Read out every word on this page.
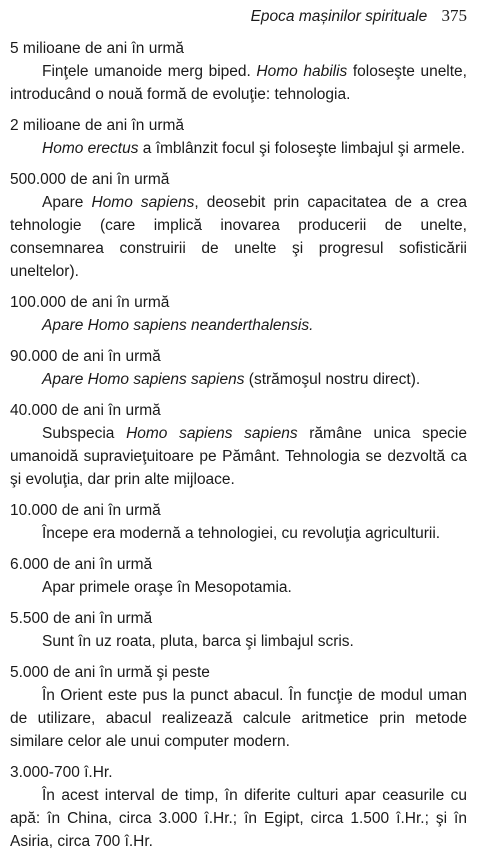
Epoca mașinilor spirituale 375
5 milioane de ani în urmă
Finţele umanoide merg biped. Homo habilis foloseşte unelte, introducând o nouă formă de evoluţie: tehnologia.
2 milioane de ani în urmă
Homo erectus a îmblânzit focul şi foloseşte limbajul şi armele.
500.000 de ani în urmă
Apare Homo sapiens, deosebit prin capacitatea de a crea tehnologie (care implică inovarea producerii de unelte, consemnarea construirii de unelte şi progresul sofisticării uneltelor).
100.000 de ani în urmă
Apare Homo sapiens neanderthalensis.
90.000 de ani în urmă
Apare Homo sapiens sapiens (strămoşul nostru direct).
40.000 de ani în urmă
Subspecia Homo sapiens sapiens rămâne unica specie umanoidă supravieţuitoare pe Pământ. Tehnologia se dezvoltă ca şi evoluţia, dar prin alte mijloace.
10.000 de ani în urmă
Începe era modernă a tehnologiei, cu revoluţia agriculturii.
6.000 de ani în urmă
Apar primele oraşe în Mesopotamia.
5.500 de ani în urmă
Sunt în uz roata, pluta, barca şi limbajul scris.
5.000 de ani în urmă şi peste
În Orient este pus la punct abacul. În funcţie de modul uman de utilizare, abacul realizează calcule aritmetice prin metode similare celor ale unui computer modern.
3.000-700 î.Hr.
În acest interval de timp, în diferite culturi apar ceasurile cu apă: în China, circa 3.000 î.Hr.; în Egipt, circa 1.500 î.Hr.; şi în Asiria, circa 700 î.Hr.
